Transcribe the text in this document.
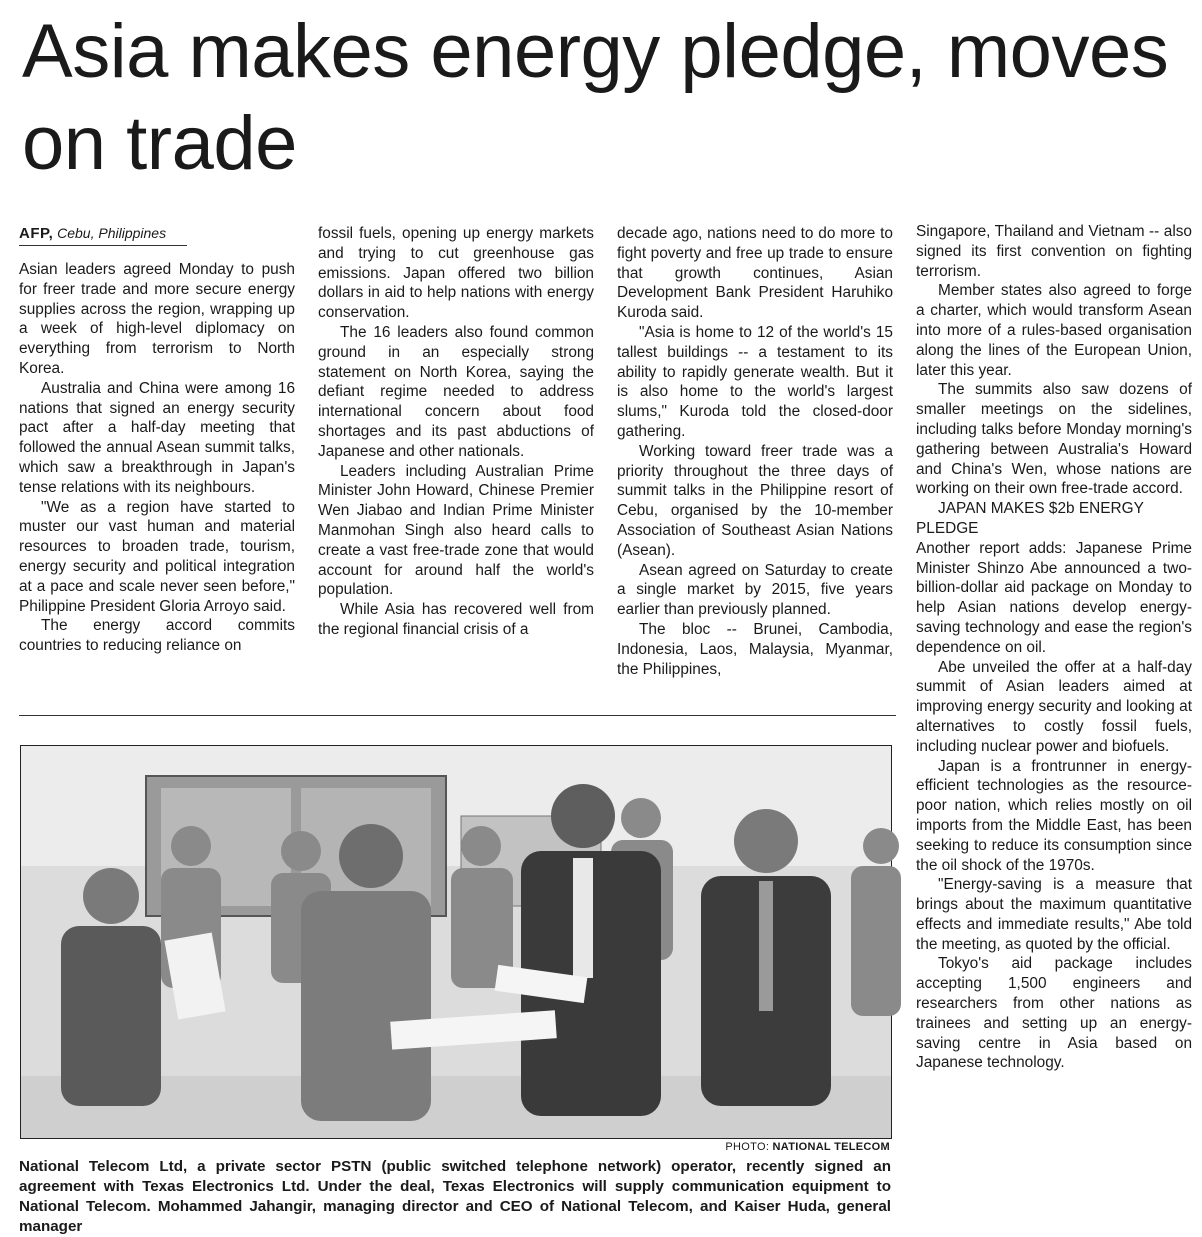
Asia makes energy pledge, moves on trade
AFP, Cebu, Philippines

Asian leaders agreed Monday to push for freer trade and more secure energy supplies across the region, wrapping up a week of high-level diplomacy on everything from terrorism to North Korea.

Australia and China were among 16 nations that signed an energy security pact after a half-day meeting that followed the annual Asean summit talks, which saw a breakthrough in Japan's tense relations with its neighbours.

"We as a region have started to muster our vast human and material resources to broaden trade, tourism, energy security and political integration at a pace and scale never seen before," Philippine President Gloria Arroyo said.

The energy accord commits countries to reducing reliance on

fossil fuels, opening up energy markets and trying to cut greenhouse gas emissions. Japan offered two billion dollars in aid to help nations with energy conservation.

The 16 leaders also found common ground in an especially strong statement on North Korea, saying the defiant regime needed to address international concern about food shortages and its past abductions of Japanese and other nationals.

Leaders including Australian Prime Minister John Howard, Chinese Premier Wen Jiabao and Indian Prime Minister Manmohan Singh also heard calls to create a vast free-trade zone that would account for around half the world's population.

While Asia has recovered well from the regional financial crisis of a

decade ago, nations need to do more to fight poverty and free up trade to ensure that growth continues, Asian Development Bank President Haruhiko Kuroda said.

"Asia is home to 12 of the world's 15 tallest buildings -- a testament to its ability to rapidly generate wealth. But it is also home to the world's largest slums," Kuroda told the closed-door gathering.

Working toward freer trade was a priority throughout the three days of summit talks in the Philippine resort of Cebu, organised by the 10-member Association of Southeast Asian Nations (Asean).

Asean agreed on Saturday to create a single market by 2015, five years earlier than previously planned.

The bloc -- Brunei, Cambodia, Indonesia, Laos, Malaysia, Myanmar, the Philippines,

Singapore, Thailand and Vietnam -- also signed its first convention on fighting terrorism.

Member states also agreed to forge a charter, which would transform Asean into more of a rules-based organisation along the lines of the European Union, later this year.

The summits also saw dozens of smaller meetings on the sidelines, including talks before Monday morning's gathering between Australia's Howard and China's Wen, whose nations are working on their own free-trade accord.

JAPAN MAKES $2b ENERGY PLEDGE

Another report adds: Japanese Prime Minister Shinzo Abe announced a two-billion-dollar aid package on Monday to help Asian nations develop energy-saving technology and ease the region's dependence on oil.

Abe unveiled the offer at a half-day summit of Asian leaders aimed at improving energy security and looking at alternatives to costly fossil fuels, including nuclear power and biofuels.

Japan is a frontrunner in energy-efficient technologies as the resource-poor nation, which relies mostly on oil imports from the Middle East, has been seeking to reduce its consumption since the oil shock of the 1970s.

"Energy-saving is a measure that brings about the maximum quantitative effects and immediate results," Abe told the meeting, as quoted by the official.

Tokyo's aid package includes accepting 1,500 engineers and researchers from other nations as trainees and setting up an energy-saving centre in Asia based on Japanese technology.

PHOTO: NATIONAL TELECOM
National Telecom Ltd, a private sector PSTN (public switched telephone network) operator, recently signed an agreement with Texas Electronics Ltd. Under the deal, Texas Electronics will supply communication equipment to National Telecom. Mohammed Jahangir, managing director and CEO of National Telecom, and Kaiser Huda, general manager
